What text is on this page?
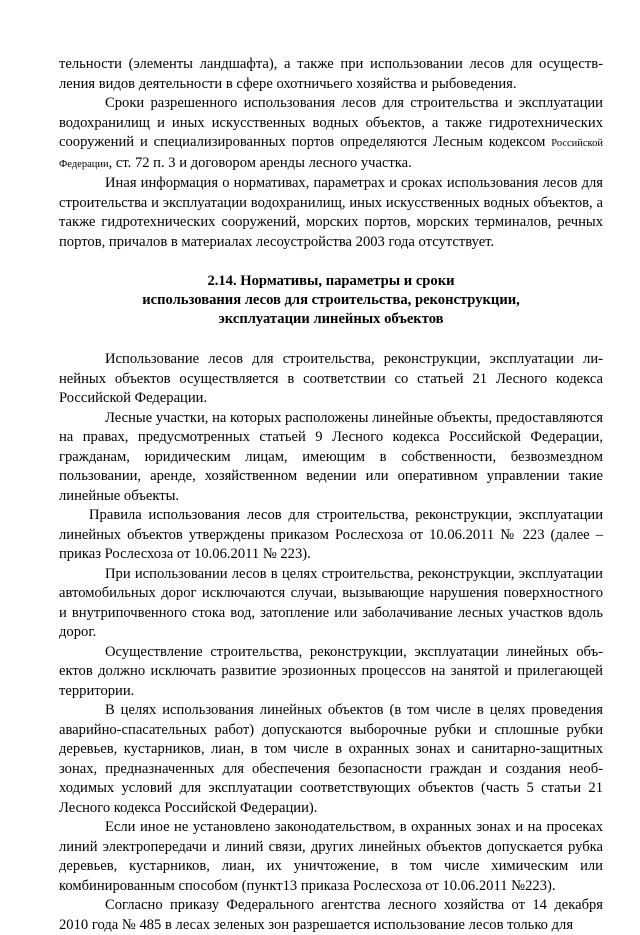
тельности (элементы ландшафта), а также при использовании лесов для осуществления видов деятельности в сфере охотничьего хозяйства и рыбоведения.

Сроки разрешенного использования лесов для строительства и эксплуатации водохранилищ и иных искусственных водных объектов, а также гидротехнических сооружений и специализированных портов определяются Лесным кодексом Российской Федерации, ст. 72 п. 3 и договором аренды лесного участка.

Иная информация о нормативах, параметрах и сроках использования лесов для строительства и эксплуатации водохранилищ, иных искусственных водных объектов, а также гидротехнических сооружений, морских портов, морских терминалов, речных портов, причалов в материалах лесоустройства 2003 года отсутствует.

2.14. Нормативы, параметры и сроки
использования лесов для строительства, реконструкции,
эксплуатации линейных объектов

Использование лесов для строительства, реконструкции, эксплуатации линейных объектов осуществляется в соответствии со статьей 21 Лесного кодекса Российской Федерации.

Лесные участки, на которых расположены линейные объекты, предоставляются на правах, предусмотренных статьей 9 Лесного кодекса Российской Федерации, гражданам, юридическим лицам, имеющим в собственности, безвозмездном пользовании, аренде, хозяйственном ведении или оперативном управлении такие линейные объекты.

Правила использования лесов для строительства, реконструкции, эксплуатации линейных объектов утверждены приказом Рослесхоза от 10.06.2011 № 223 (далее – приказ Рослесхоза от 10.06.2011 № 223).

При использовании лесов в целях строительства, реконструкции, эксплуатации автомобильных дорог исключаются случаи, вызывающие нарушения поверхностного и внутрипочвенного стока вод, затопление или заболачивание лесных участков вдоль дорог.

Осуществление строительства, реконструкции, эксплуатации линейных объектов должно исключать развитие эрозионных процессов на занятой и прилегающей территории.

В целях использования линейных объектов (в том числе в целях проведения аварийно-спасательных работ) допускаются выборочные рубки и сплошные рубки деревьев, кустарников, лиан, в том числе в охранных зонах и санитарно-защитных зонах, предназначенных для обеспечения безопасности граждан и создания необходимых условий для эксплуатации соответствующих объектов (часть 5 статьи 21 Лесного кодекса Российской Федерации).

Если иное не установлено законодательством, в охранных зонах и на просеках линий электропередачи и линий связи, других линейных объектов допускается рубка деревьев, кустарников, лиан, их уничтожение, в том числе химическим или комбинированным способом (пункт13 приказа Рослесхоза от 10.06.2011 №223).

Согласно приказу Федерального агентства лесного хозяйства от 14 декабря 2010 года № 485 в лесах зеленых зон разрешается использование лесов только для
